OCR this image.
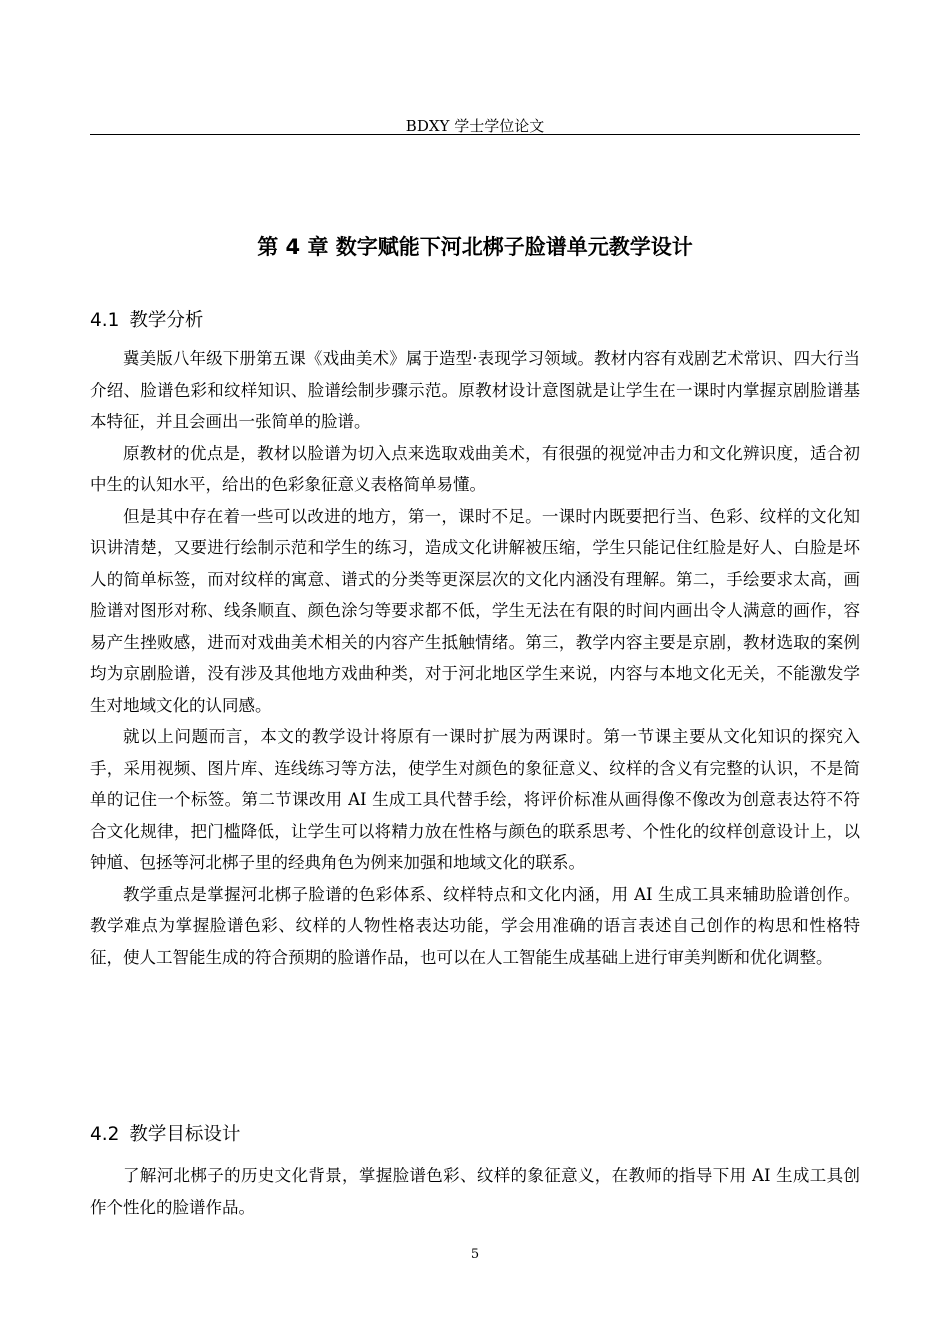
BDXY 学士学位论文
第 4 章 数字赋能下河北梆子脸谱单元教学设计
4.1 教学分析

冀美版八年级下册第五课《戏曲美术》属于造型·表现学习领域。教材内容有戏剧艺术常识、四大行当介绍、脸谱色彩和纹样知识、脸谱绘制步骤示范。原教材设计意图就是让学生在一课时内掌握京剧脸谱基本特征，并且会画出一张简单的脸谱。

原教材的优点是，教材以脸谱为切入点来选取戏曲美术，有很强的视觉冲击力和文化辨识度，适合初中生的认知水平，给出的色彩象征意义表格简单易懂。

但是其中存在着一些可以改进的地方，第一，课时不足。一课时内既要把行当、色彩、纹样的文化知识讲清楚，又要进行绘制示范和学生的练习，造成文化讲解被压缩，学生只能记住红脸是好人、白脸是坏人的简单标签，而对纹样的寓意、谱式的分类等更深层次的文化内涵没有理解。第二，手绘要求太高，画脸谱对图形对称、线条顺直、颜色涂匀等要求都不低，学生无法在有限的时间内画出令人满意的画作，容易产生挫败感，进而对戏曲美术相关的内容产生抵触情绪。第三，教学内容主要是京剧，教材选取的案例均为京剧脸谱，没有涉及其他地方戏曲种类，对于河北地区学生来说，内容与本地文化无关，不能激发学生对地域文化的认同感。

就以上问题而言，本文的教学设计将原有一课时扩展为两课时。第一节课主要从文化知识的探究入手，采用视频、图片库、连线练习等方法，使学生对颜色的象征意义、纹样的含义有完整的认识，不是简单的记住一个标签。第二节课改用 AI 生成工具代替手绘，将评价标准从画得像不像改为创意表达符不符合文化规律，把门槛降低，让学生可以将精力放在性格与颜色的联系思考、个性化的纹样创意设计上，以钟馗、包拯等河北梆子里的经典角色为例来加强和地域文化的联系。

教学重点是掌握河北梆子脸谱的色彩体系、纹样特点和文化内涵，用 AI 生成工具来辅助脸谱创作。教学难点为掌握脸谱色彩、纹样的人物性格表达功能，学会用准确的语言表述自己创作的构思和性格特征，使人工智能生成的符合预期的脸谱作品，也可以在人工智能生成基础上进行审美判断和优化调整。

4.2 教学目标设计

了解河北梆子的历史文化背景，掌握脸谱色彩、纹样的象征意义，在教师的指导下用 AI 生成工具创作个性化的脸谱作品。

5
